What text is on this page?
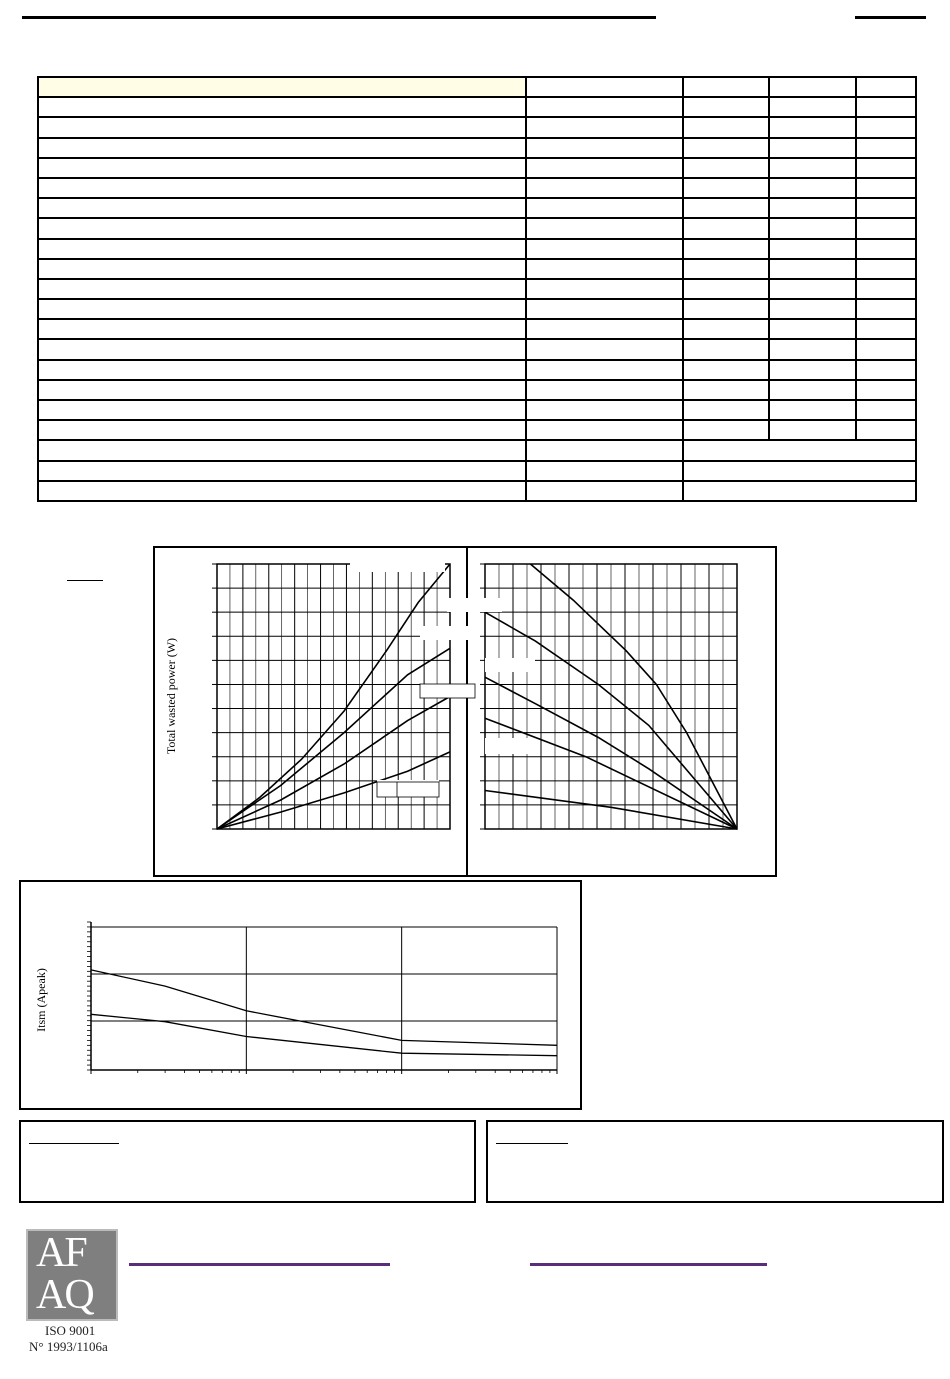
Total wasted power (W)
Itsm (Apeak)
AF
AQ
ISO 9001
N° 1993/1106a
